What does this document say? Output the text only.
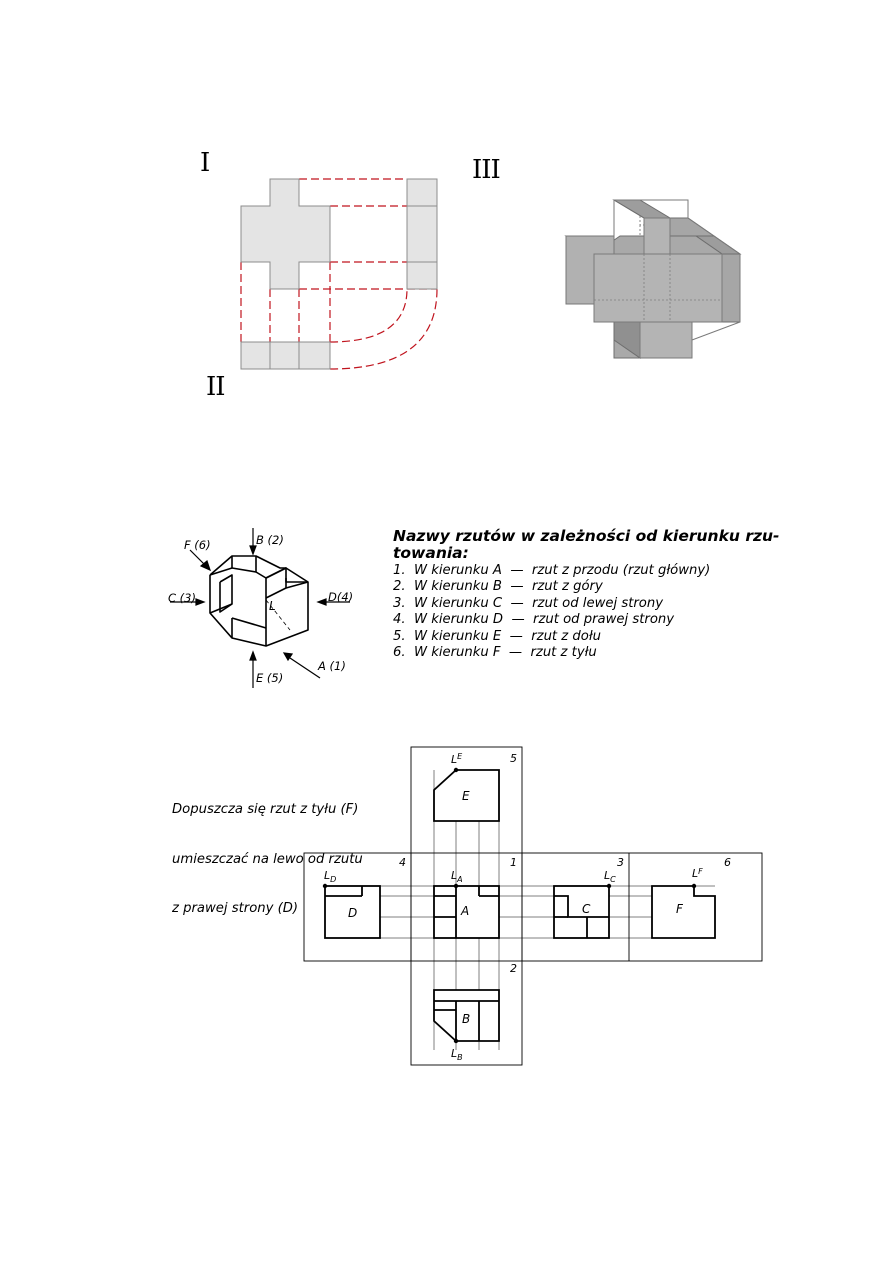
I	III
II
L
B (2)
F (6)
C (3)	D(4)
E (5)
A (1)
Nazwy rzutów w zależności od kierunku rzu-
towania:
1.  W kierunku A  —  rzut z przodu (rzut główny)
2.  W kierunku B  —  rzut z góry
3.  W kierunku C  —  rzut od lewej strony
4.  W kierunku D  —  rzut od prawej strony
5.  W kierunku E  —  rzut z dołu
6.  W kierunku F  —  rzut z tyłu

Dopuszcza się rzut z tyłu (F)

umieszczać na lewo od rzutu

z prawej strony (D)

E
A
D	C	F
B
5
1
4	3	6
2
$L^E$
$L_A$
$L_D$	$L_C$	$L^F$
$L_B$
